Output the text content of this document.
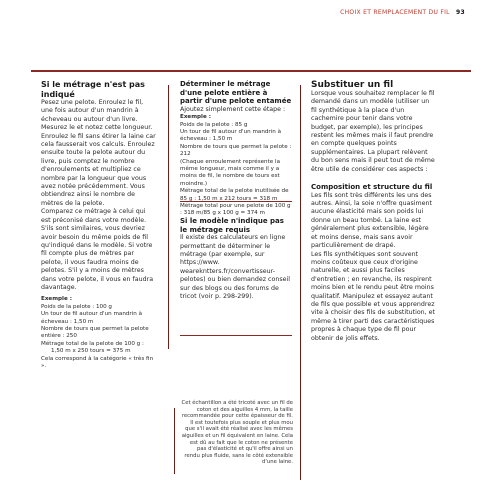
CHOIX ET REMPLACEMENT DU FIL 93

Si le métrage n'est pas indiqué

Pesez une pelote. Enroulez le fil, une fois autour d'un mandrin à écheveau ou autour d'un livre. Mesurez le et notez cette longueur. Enroulez le fil sans étirer la laine car cela fausserait vos calculs. Enroulez ensuite toute la pelote autour du livre, puis comptez le nombre d'enroulements et multipliez ce nombre par la longueur que vous avez notée précédemment. Vous obtiendrez ainsi le nombre de mètres de la pelote.

Comparez ce métrage à celui qui est préconisé dans votre modèle. S'ils sont similaires, vous devriez avoir besoin du même poids de fil qu'indiqué dans le modèle. Si votre fil compte plus de mètres par pelote, il vous faudra moins de pelotes. S'il y a moins de mètres dans votre pelote, il vous en faudra davantage.

Exemple :
Poids de la pelote : 100 g
Un tour de fil autour d'un mandrin à écheveau : 1,50 m
Nombre de tours que permet la pelote entière : 250
Métrage total de la pelote de 100 g :

1,50 m x 250 tours = 375 m
Cela correspond à la catégorie « très fin ».

Déterminer le métrage d'une pelote entière à partir d'une pelote entamée

Ajoutez simplement cette étape :

Exemple :
Poids de la pelote : 85 g
Un tour de fil autour d'un mandrin à écheveau : 1,50 m
Nombre de tours que permet la pelote : 212
(Chaque enroulement représente la même longueur, mais comme il y a moins de fil, le nombre de tours est moindre.)
Métrage total de la pelote inutilisée de 85 g : 1,50 m x 212 tours = 318 m
Métrage total pour une pelote de 100 g : 318 m/85 g x 100 g = 374 m

Si le modèle n'indique pas le métrage requis

Il existe des calculateurs en ligne permettant de déterminer le métrage (par exemple, sur https://www. wearekntters.fr/convertisseur-pelotes) ou bien demandez conseil sur des blogs ou des forums de tricot (voir p. 298-299).

Substituer un fil

Lorsque vous souhaitez remplacer le fil demandé dans un modèle (utiliser un fil synthétique à la place d'un cachemire pour tenir dans votre budget, par exemple), les principes restent les mêmes mais il faut prendre en compte quelques points supplémentaires. La plupart relèvent du bon sens mais il peut tout de même être utile de considérer ces aspects :

Composition et structure du fil

Les fils sont très différents les uns des autres. Ainsi, la soie n'offre quasiment aucune élasticité mais son poids lui donne un beau tombé. La laine est généralement plus extensible, légère et moins dense, mais sans avoir particulièrement de drapé.

Les fils synthétiques sont souvent moins coûteux que ceux d'origine naturelle, et aussi plus faciles d'entretien ; en revanche, ils respirent moins bien et le rendu peut être moins qualitatif. Manipulez et essayez autant de fils que possible et vous apprendrez vite à choisir des fils de substitution, et même à tirer parti des caractéristiques propres à chaque type de fil pour obtenir de jolis effets.

Cet échantillon a été tricoté avec un fil de coton et des aiguilles 4 mm, la taille recommandée pour cette épaisseur de fil. Il est toutefois plus souple et plus mou que s'il avait été réalisé avec les mêmes aiguilles et un fil équivalent en laine. Cela est dû au fait que le coton ne présente pas d'élasticité et qu'il offre ainsi un rendu plus fluide, sans le côté extensible d'une laine.
